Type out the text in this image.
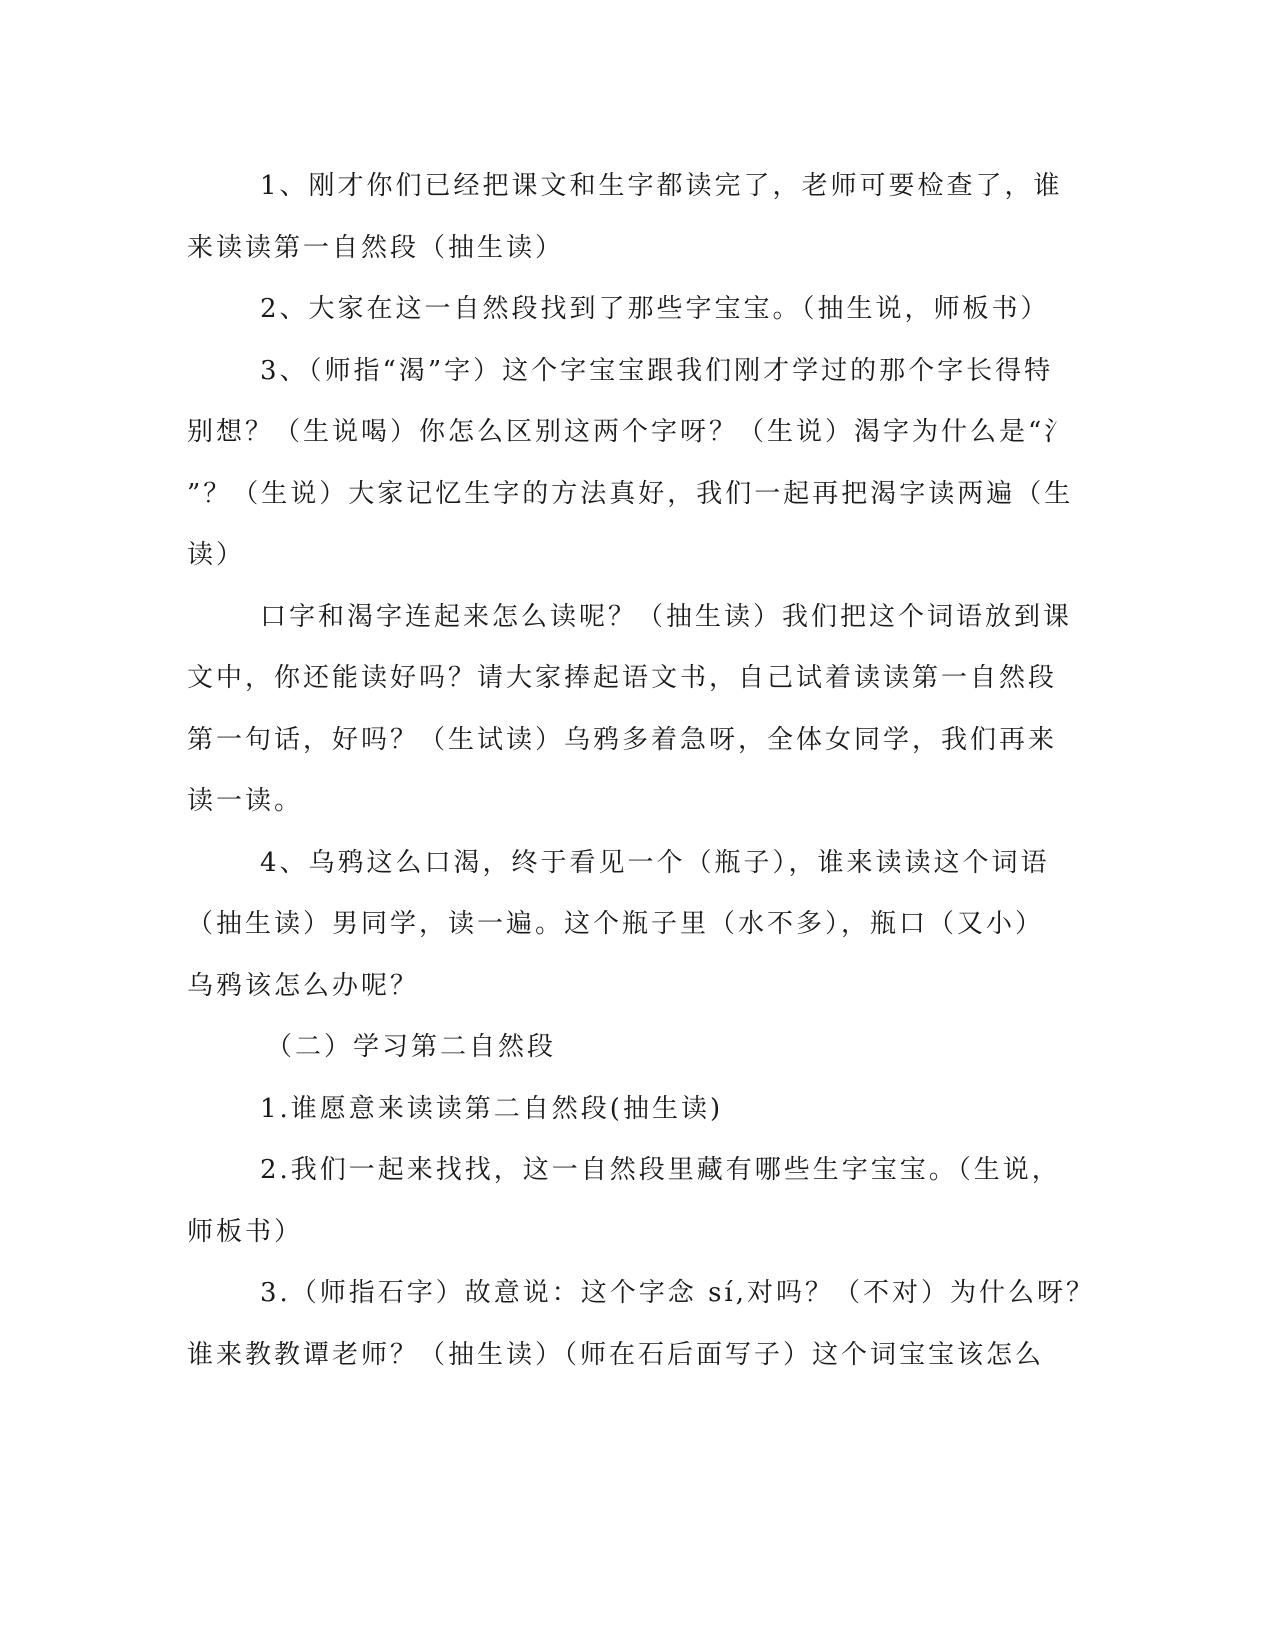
1、刚才你们已经把课文和生字都读完了，老师可要检查了，谁
来读读第一自然段（抽生读）

2、大家在这一自然段找到了那些字宝宝。（抽生说，师板书）

3、（师指“渴”字）这个字宝宝跟我们刚才学过的那个字长得特
别想？（生说喝）你怎么区别这两个字呀？（生说）渴字为什么是“氵
”？（生说）大家记忆生字的方法真好，我们一起再把渴字读两遍（生
读）

口字和渴字连起来怎么读呢？（抽生读）我们把这个词语放到课
文中，你还能读好吗？请大家捧起语文书，自己试着读读第一自然段
第一句话，好吗？（生试读）乌鸦多着急呀，全体女同学，我们再来
读一读。

4、乌鸦这么口渴，终于看见一个（瓶子），谁来读读这个词语
（抽生读）男同学，读一遍。这个瓶子里（水不多），瓶口（又小）
乌鸦该怎么办呢？

（二）学习第二自然段

1.谁愿意来读读第二自然段(抽生读)

2.我们一起来找找，这一自然段里藏有哪些生字宝宝。（生说，
师板书）

3.（师指石字）故意说：这个字念 sí,对吗？（不对）为什么呀？
谁来教教谭老师？（抽生读）（师在石后面写子）这个词宝宝该怎么
